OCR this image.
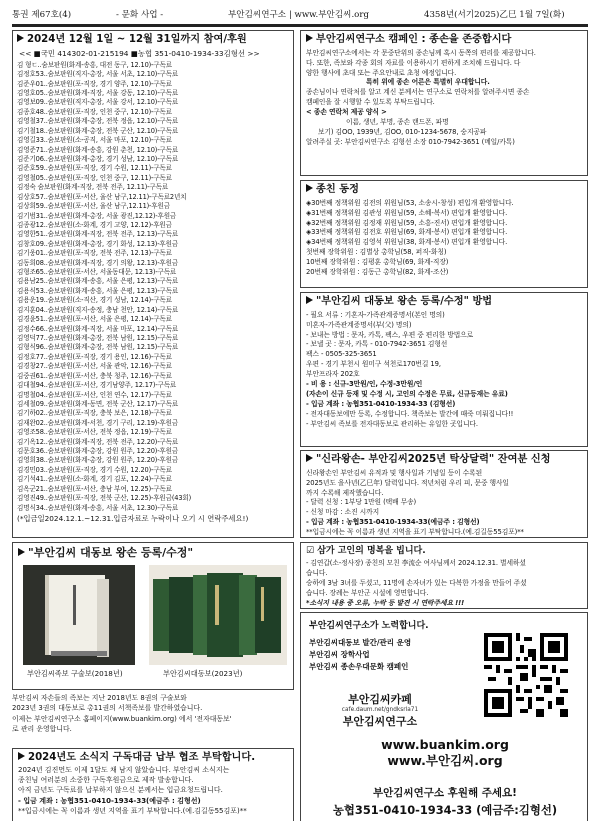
통권 제67호(4)	- 문화 사업 -	부안김씨연구소 | www.부안김씨.org	4358년(서기2025)乙巳 1월 7일(화)
2024년 12월 1일 ~ 12월 31일까지 참여/후원
<< ■국민 414302-01-215194 ■농협 351-0410-1934-33김형선 >>
김 형ㄷ..숨보판원(화계-송흥, 대전 동구, 12.10)-구독료
김정호53..숨보판원(직지-총장, 서울 서초, 12.10)-구독료
김준우01..숨보판원(포-직장, 경기 양주, 12.10)-구독료
김영호05..숨보판원(화계-직장, 서울 강동, 12.10)-구독료
김영보09..숨보판원(직지-총장, 서울 강서, 12.10)-구독료
김종호48..숨보판원(포-직장, 인천 중구, 12.10)-구독료
김영철37..숨보판원(화계-총장, 전북 정읍, 12.10)-구독료
김기철18..숨보판원(화계-총장, 전북 군산, 12.10)-구독료
김영길33..숨보판원(소-공직, 서울 마포, 12.10)-구독료
김영준71..숨보판원(화계-송흥, 강원 춘천, 12.10)-구독료
김준기06..숨보판원(화계-총장, 경기 성남, 12.10)-구독료
김준호59..숨보판원(포-직장, 경기 수원, 12.11)-구독료
김영철05..숨보판원(포-직장, 인천 중구, 12.11)-구독료
김정숙 숨보판원(화계-직장, 전북 전주, 12.11)-구독료
김상호57..숨보판원(포-서산, 울산 남구,12.11)-구독료2년치
김상희59..숨보판원(포-서산, 울산 남구,12.11)-후원금
김기범31..숨보판원(화계-총장, 서울 광진,12.12)-후원금
김종광12..숨보판원(소-화계, 경기 고양, 12.12)-후원금
김영한51..숨보판원(화계-직장, 전북 전주, 12.13)-구독료
김창호09..숨보판원(화계-총장, 경기 화성, 12.13)-후원금
김기웅01..숨보판원(포-직장, 전북 전주, 12.13)-구독료
김동희08..숨보판원(화계-직장, 경기 의왕, 12.13)-후원금
김형조65..숨보판원(포-서산, 서울동대문, 12.13)-구독료
김용남25..숨보판원(화계-송흥, 서울 은평, 12.13)-구독료
김용식53..숨보판원(화계-송흥, 서울 은평, 12.13)-구독료
김용운19..숨보판원(소-직산, 경기 성남, 12.14)-구독료
김지훈04..숨보판원(직지-송정, 충남 천안, 12.14)-구독료
김경윤51..숨보판원(포-서산, 서울 은평, 12.14)-구독료
김정수66..숨보판원(화계-직장, 서울 마포, 12.14)-구독료
김영덕77..숨보판원(화계-총장, 전북 남원, 12.15)-구독료
김형식96..숨보판원(화계-총장, 전북 남원, 12.15)-구독료
김정호77..숨보판원(포-직장, 경기 용인, 12.16)-구독료
김경창27..숨보판원(포-서산, 서울 관악, 12.16)-구독료
김중권61..숨보판원(포-서산, 충북 청주, 12.16)-구독료
김대철94..숨보판원(포-서산, 경기남양주, 12.17)-구독료
김명철04..숨보판원(포-서산, 인천 연수, 12.17)-구독료
김세철09..숨보판원(화계-동면, 전북 군산, 12.17)-구독료
김기하02..숨보판원(포-직장, 충북 보은, 12.18)-구독료
김재완02..숨보판원(화계-서천, 경기 구리, 12.19)-후원금
김영조58..숨보판원(포-서산, 전북 정읍, 12.19)-구독료
김기옥12..숨보판원(화계-직장, 전북 전주, 12.20)-구독료
김문호36..숨보판원(화계-총장, 강원 원주, 12.20)-후원금
김영희38..숨보판원(화계-총장, 강원 원주, 12.20)-후원금
김경민03..숨보판원(포-직장, 경기 수원, 12.20)-구독료
김기석41..숨보판원(소-화계, 경기 김포, 12.24)-구독료
김옥군21..숨보판원(포-서산, 충남 부여, 12.25)-구독료
김영진49..숨보판원(포-직장, 전북 군산, 12.25)-후원금(43회)
김명식34..숨보판원(화계-송흥, 서울 서초, 12.30)-구독료
(*입금일2024.12.1.~12.31.입금자료로 누락이나 오기 시 연락주세요!)
"부안김씨 대동보 왕손 등록/수정"
부안김씨족보 구술보(2018년)	부안김씨대동보(2023년)

부안김씨 자손들의 족보는 지난 2018년도 8권의 구술보와

2023년 3권의 대동보로 총11권의 서책족보를 발간하였습니다.

이제는 부안김씨연구소 홈페이지(www.buankim.org) 에서 '전자대동보'

로 관리 운영합니다.

2024년도 소식지 구독대금 납부 협조 부탁합니다.

2024년 김진먼도 이제 1달도 채 남지 않았습니다. 부안김씨 소식지는

종친님 여러분의 소중한 구독후원금으로 제작 발송합니다.

아직 금년도 구독료를 납부하지 않으신 분께서는 입금요청드립니다.

- 입금 계좌 : 농협351-0410-1934-33(예금주 : 김형선)

**입금시에는 꼭 이름과 생년 지역을 표기 부탁합니다.(예.김길동55김포)**

부안김씨연구소 캠페인 : 종손을 존중합시다

부안김씨연구소에서는 각 문중단위의 종손님께 혹시 동쪽의 편리를 제공합니다.

다. 또한, 족보와 각종 회의 자료를 이용하시기 편하게 조치해 드립니다. 다

양한 행사에 초대 또는 주요안내로 초청 예정입니다.

특히 위에 종손 어른은 특별히 우대합니다.

종손님이나 연락처를 알고 계신 분께서는 연구소로 연락처를 알려주시면 종손

캠페인을 잘 시행할 수 있도록 부탁드립니다.

< 종손 연락처 제공 양식 >

이름, 생년, 부명, 종손 랜드폰, 파명

보기) 김OO, 1939년, 김OO, 010-1234-5678, 숭지공파

알려주실 곳: 부안김씨연구소 김형선 소장 010-7942-3651 (메일/카톡)

종친 동정
◈30번째 정책위원 김전의 위원님(53, 소송시-창성) 편입개 환영합니다.
◈31번째 정책위원 김관성 위원님(59, 소혜-복서) 편입개 환영합니다.
◈32번째 정책위원 김정재 위원님(59, 소흥-진서) 편입개 환영합니다.
◈33번째 정책위원 김전호 위원님(69, 화계-봉서) 편입개 환영합니다.
◈34번째 정책위원 김영석 위원님(38, 화계-봉서) 편입개 환영합니다.
첫번째 장학위원 : 김별상 총학님(58, 퍼직-화칭)
10번째 장학위원 : 김평훈 총학님(69, 화계-직장)
20번째 장학위원 : 김동근 총학님(82, 화계-조산)
"부안김씨 대동보 왕손 등록/수정" 방법
- 필요 서류 : 기혼자-가족관계증명서(본인 명의)
미혼자-가족관계증명서(부(父) 명의)
- 보내는 방법 : 문자, 카톡, 팩스, 우편 중 편리한 방법으로
- 보낼 곳 : 문자, 카톡 - 010-7942-3651 김형선
팩스 - 0505-325-3651
우편 - 경기 부천시 원미구 석천로170번길 19,
부안프라자 202호
- 비 용 : 신규-3만원/인, 수정-3만원/인
(자손이 신규 등재 및 수정 시, 고인의 수정은 무료, 신규등재는 유료)
- 입금 계좌 : 농협351-0410-1934-33 (김형선)
- 전자대동보에만 등록, 수정합니다. 책족보는 발간에 때죽 미뤄집니다!!
- 부안김씨 족보를 전자대동보로 관리하는 유일한 곳입니다.
"신라왕손- 부안김씨2025년 탁상달력" 잔여분 신청
신라왕손인 부안김씨 유적과 및 행사일과 기념일 등이 수록된
2025년도 을사년(乙巳年) 달력입니다. 적년처럼 우리 피, 문중 행사일
까지 수록해 제작했습니다.
- 달력 신청 : 1부당 1만원 (택배 무송)
- 신청 마감 : 소진 시까지
- 입금 계좌 : 농협351-0410-1934-33(예금주 : 김형선)
**입금시에는 꼭 이름과 생년 지역을 표기 부탁합니다.(예.김길동55김포)**
☑ 삼가 고인의 명복을 빕니다.
- 김연갑(소-정사장) 종친의 모친 李流순 여사님께서 2024.12.31. 별세하셨
습니다.
승하에 3남 3녀를 두셨고, 11명에 손자녀가 있는 다복한 가정을 만들어 주셨
습니다. 장례는 부안군 시설에 영면합니다.
*소식지 내용 중 오류, 누락 등 발견 시 연락주세요 !!!
부안김씨연구소가 노력합니다.
부안김씨대동보 발간/관리 운영
부안김씨 장학사업
부안김씨 종손우대문화 캠페인
부안김씨카페
cafe.daum.net/gndksrla71
부안김씨연구소
www.buankim.org
www.부안김씨.org
부안김씨연구소 후원해 주세요!
농협351-0410-1934-33 (예금주:김형선)
